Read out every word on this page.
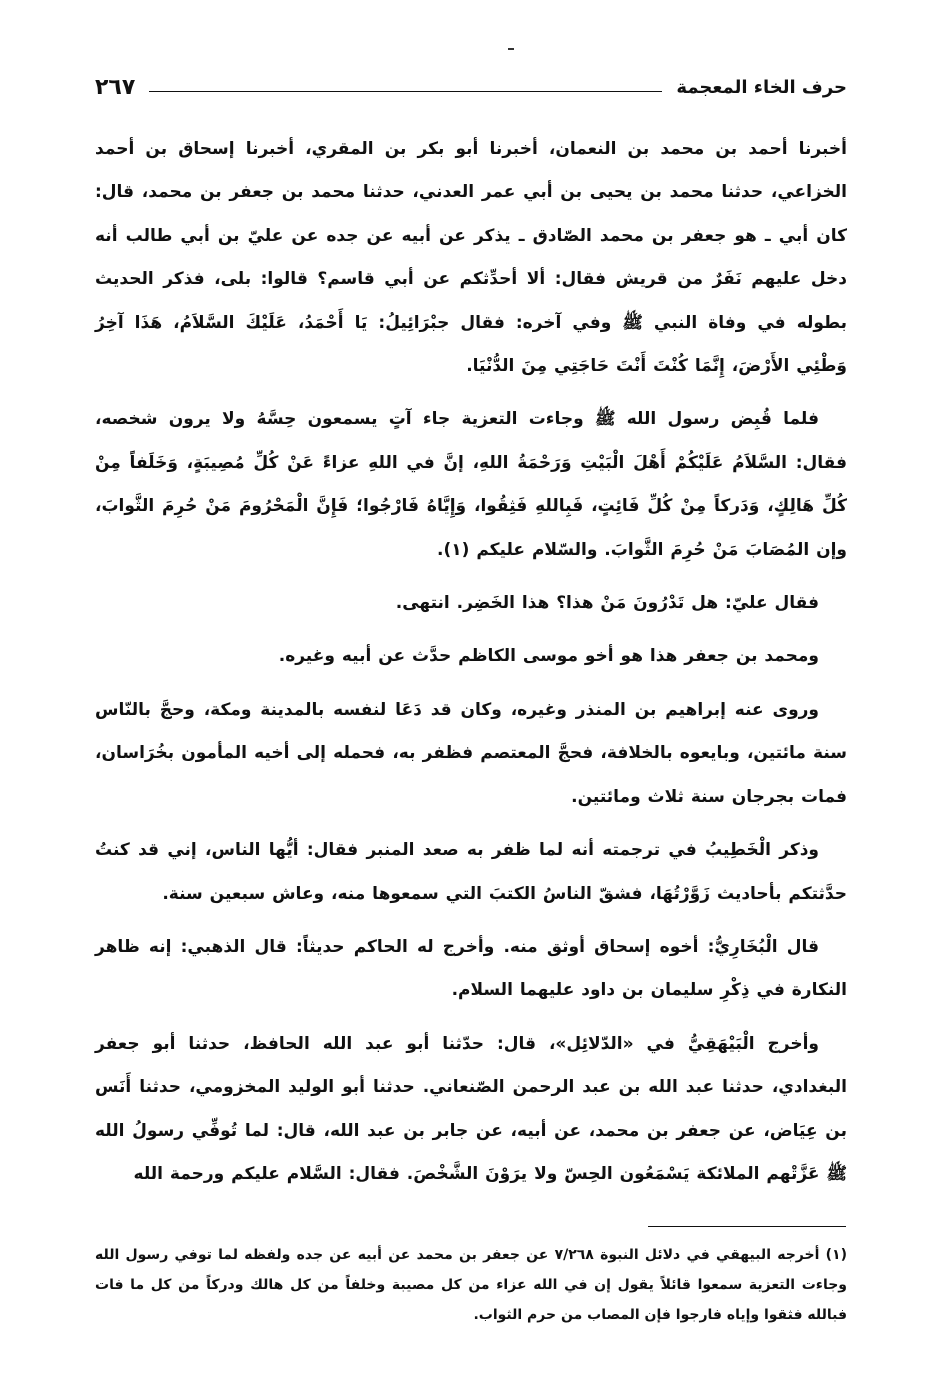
حرف الخاء المعجمة
٢٦٧

أخبرنا أحمد بن محمد بن النعمان، أخبرنا أبو بكر بن المقري، أخبرنا إسحاق بن أحمد الخزاعي، حدثنا محمد بن يحيى بن أبي عمر العدني، حدثنا محمد بن جعفر بن محمد، قال: كان أبي ـ هو جعفر بن محمد الصّادق ـ يذكر عن أبيه عن جده عن عليّ بن أبي طالب أنه دخل عليهم نَفَرٌ من قريش فقال: ألا أحدِّثكم عن أبي قاسم؟ قالوا: بلى، فذكر الحديث بطوله في وفاة النبي ﷺ وفي آخره: فقال جبْرَائِيلُ: يَا أَحْمَدُ، عَلَيْكَ السَّلاَمُ، هَذَا آخِرُ وَطْئِي الأَرْضَ، إِنَّمَا كُنْتَ أَنْتَ حَاجَتِي مِنَ الدُّنْيَا.

فلما قُبِض رسول الله ﷺ وجاءت التعزية جاء آتٍ يسمعون حِسَّهُ ولا يرون شخصه، فقال: السَّلاَمُ عَلَيْكُمْ أَهْلَ الْبَيْتِ وَرَحْمَةُ اللهِ، إنَّ في اللهِ عزاءً عَنْ كُلِّ مُصِيبَةٍ، وَخَلَفاً مِنْ كُلِّ هَالِكٍ، وَدَركاً مِنْ كُلِّ فَائِتٍ، فَبِاللهِ فَثِقُوا، وَإِيَّاهُ فَارْجُوا؛ فَإِنَّ الْمَحْرُومَ مَنْ حُرِمَ الثَّوابَ، وإن المُصَابَ مَنْ حُرِمَ الثَّوابَ. والسّلام عليكم (١).

فقال عليّ: هل تَدْرُونَ مَنْ هذا؟ هذا الخَضِر. انتهى.

ومحمد بن جعفر هذا هو أخو موسى الكاظم حدَّث عن أبيه وغيره.

وروى عنه إبراهيم بن المنذر وغيره، وكان قد دَعَا لنفسه بالمدينة ومكة، وحجَّ بالنّاس سنة مائتين، وبايعوه بالخلافة، فحجَّ المعتصم فظفر به، فحمله إلى أخيه المأمون بخُرَاسان، فمات بجرجان سنة ثلاث ومائتين.

وذكر الْخَطِيبُ في ترجمته أنه لما ظفر به صعد المنبر فقال: أيُّها الناس، إني قد كنتُ حدَّثتكم بأحاديث زَوَّرْتُهَا، فشقّ الناسُ الكتبَ التي سمعوها منه، وعاش سبعين سنة.

قال الْبُخَارِيُّ: أخوه إسحاق أوثق منه. وأخرج له الحاكم حديثاً: قال الذهبي: إنه ظاهر النكارة في ذِكْرِ سليمان بن داود عليهما السلام.

وأخرج الْبَيْهَقِيُّ في «الدّلائِل»، قال: حدّثنا أبو عبد الله الحافظ، حدثنا أبو جعفر البغدادي، حدثنا عبد الله بن عبد الرحمن الصّنعاني. حدثنا أبو الوليد المخزومي، حدثنا أَنَس بن عِيَاض، عن جعفر بن محمد، عن أبيه، عن جابر بن عبد الله، قال: لما تُوفِّي رسولُ الله ﷺ عَزَّتْهم الملائكة يَسْمَعُون الحِسّ ولا يرَوْنَ الشَّخْصَ. فقال: السَّلام عليكم ورحمة الله

(١) أخرجه البيهقي في دلائل النبوة ٧/٢٦٨ عن جعفر بن محمد عن أبيه عن جده ولفظه لما توفي رسول الله وجاءت التعزية سمعوا قائلاً يقول إن في الله عزاء من كل مصيبة وخلفاً من كل هالك ودركاً من كل ما فات فبالله فثقوا وإياه فارجوا فإن المصاب من حرم الثواب.
